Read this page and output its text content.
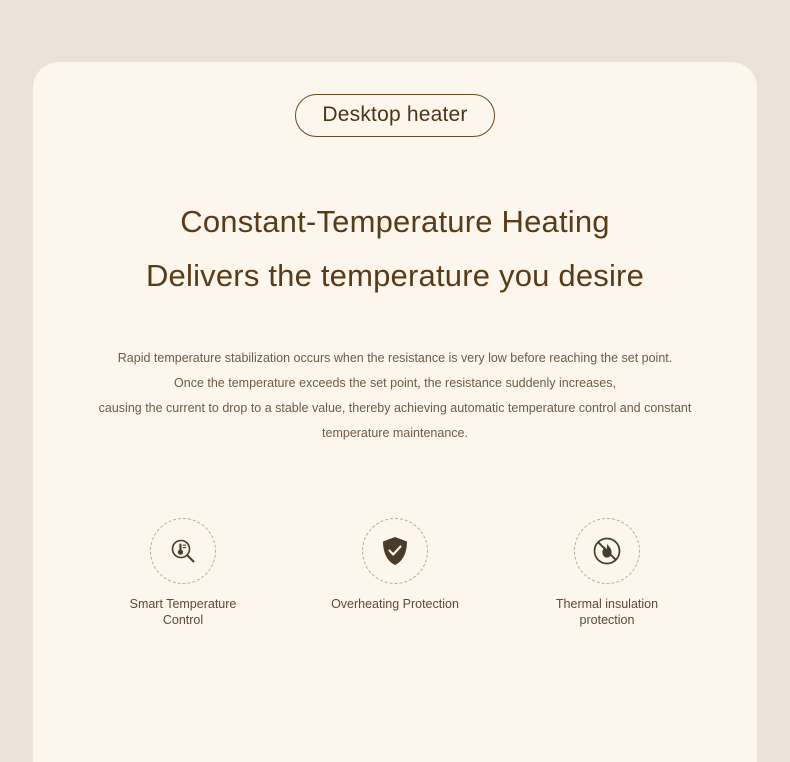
Desktop heater
Constant-Temperature Heating
Delivers the temperature you desire
Rapid temperature stabilization occurs when the resistance is very low before reaching the set point.
Once the temperature exceeds the set point, the resistance suddenly increases,
causing the current to drop to a stable value, thereby achieving automatic temperature control and constant
temperature maintenance.
Smart Temperature
Control
Overheating Protection	Thermal insulation
protection
